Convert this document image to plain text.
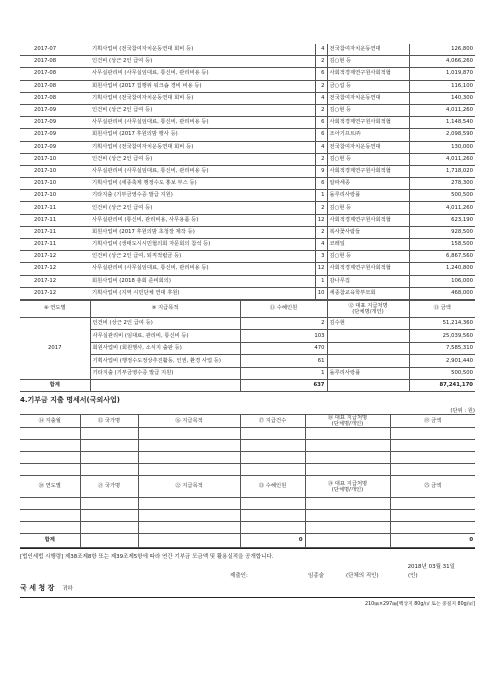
2017-07	기획사업비 (전국참여자치운동연대 회비 등)	4	전국참여자치운동연대	126,800
2017-08	인건비 (상근 2인 급여 등)	2	김○현 등	4,066,260
2017-08	사무실관리비 (사무실임대료, 통신비, 관리비용 등)	6	사회적경제연구원사회적협	1,019,870
2017-08	회원사업비 (2017 집행위 워크숍 경비 비용 등)	2	금○섭 등	116,100
2017-08	기획사업비 (전국참여자치운동연대 회비 등)	4	전국참여자치운동연대	140,300
2017-09	인건비 (상근 2인 급여 등)	2	김○현 등	4,011,260
2017-09	사무실관리비 (사무실임대료, 통신비, 관리비용 등)	6	사회적경제연구원사회적협	1,148,540
2017-09	회원사업비 (2017 후원의밤 행사 등)	6	조아기프트㈜	2,098,590
2017-09	기획사업비 (전국참여자치운동연대 회비 등)	4	전국참여자치운동연대	130,000
2017-10	인건비 (상근 2인 급여 등)	2	김○현 등	4,011,260
2017-10	사무실관리비 (사무실임대료, 통신비, 관리비용 등)	9	사회적경제연구원사회적협	1,718,020
2017-10	기획사업비 (세종축제 행정수도 홍보 부스 등)	6	알파세종	278,300
2017-10	기타지출 (기부금영수증 발급 지원)	1	돌루리사랑플	500,500
2017-11	인건비 (상근 2인 급여 등)	2	김○현 등	4,011,260
2017-11	사무실관리비 (통신비, 관리비용, 사무용품 등)	12	사회적경제연구원사회적협	623,190
2017-11	회원사업비 (2017 후원의밤 초청장 제작 등)	2	복사꽃사람들	928,500
2017-11	기획사업비 (생태도시시민협의회 자문회의 참석 등)	4	코레일	158,500
2017-12	인건비 (상근 2인 급여, 퇴직적립금 등)	3	김○현 등	6,867,560
2017-12	사무실관리비 (사무실임대료, 통신비, 관리비용 등)	12	사회적경제연구원사회적협	1,240,800
2017-12	회원사업비 (2018 총회 준비회의)	1	감나무집	106,000
2017-12	기획사업비 (지역 시민단체 연대 후원)	10	세종참교육학부모회	468,000
⑧ 연도별	⑨ 지급목적	⑪ 수혜인원	⑫ 대표 지급처명
(단체명/개인)	⑬ 금액
2017	인건비 (상근 2인 급여 등)	2	김수현	51,214,360
	사무실관리비 (임대료, 관리비, 통신비 등)	103		25,039,560
	회원사업비 (회원행사, 소식지 출판 등)	470		7,585,310
	기획사업비 (행정수도정상추진활동, 인권, 환경 사업 등)	61		2,901,440
	기타지출 (기부금영수증 발급 지원)	1	돌루리사랑플	500,500
합계		637		87,241,170
4.기부금 지출 명세서(국외사업)
(단위 : 원)
⑭ 지출월	⑮ 국가명	⑯ 지급목적	⑰ 지급건수	⑱ 대표 지급처명
(단체명/개인)	⑲ 금액

⑳ 연도별	㉑ 국가명	㉒ 지급목적	㉓ 수혜인원	㉔ 대표 지급처명
(단체명/개인)	㉕ 금액

합계			0		0
[법인세법 시행령] 제38조제8항 또는 제39조제5항에 따라 연간 기부금 모금액 및 활용실적을 공개합니다.
2018년 03월 31일
제출인:	임종술	(단체의 직인)	(인)
국 세 청 장 귀하
210㎜×297㎜[백상지 80g/㎡ 또는 중질지 80g/㎡]
